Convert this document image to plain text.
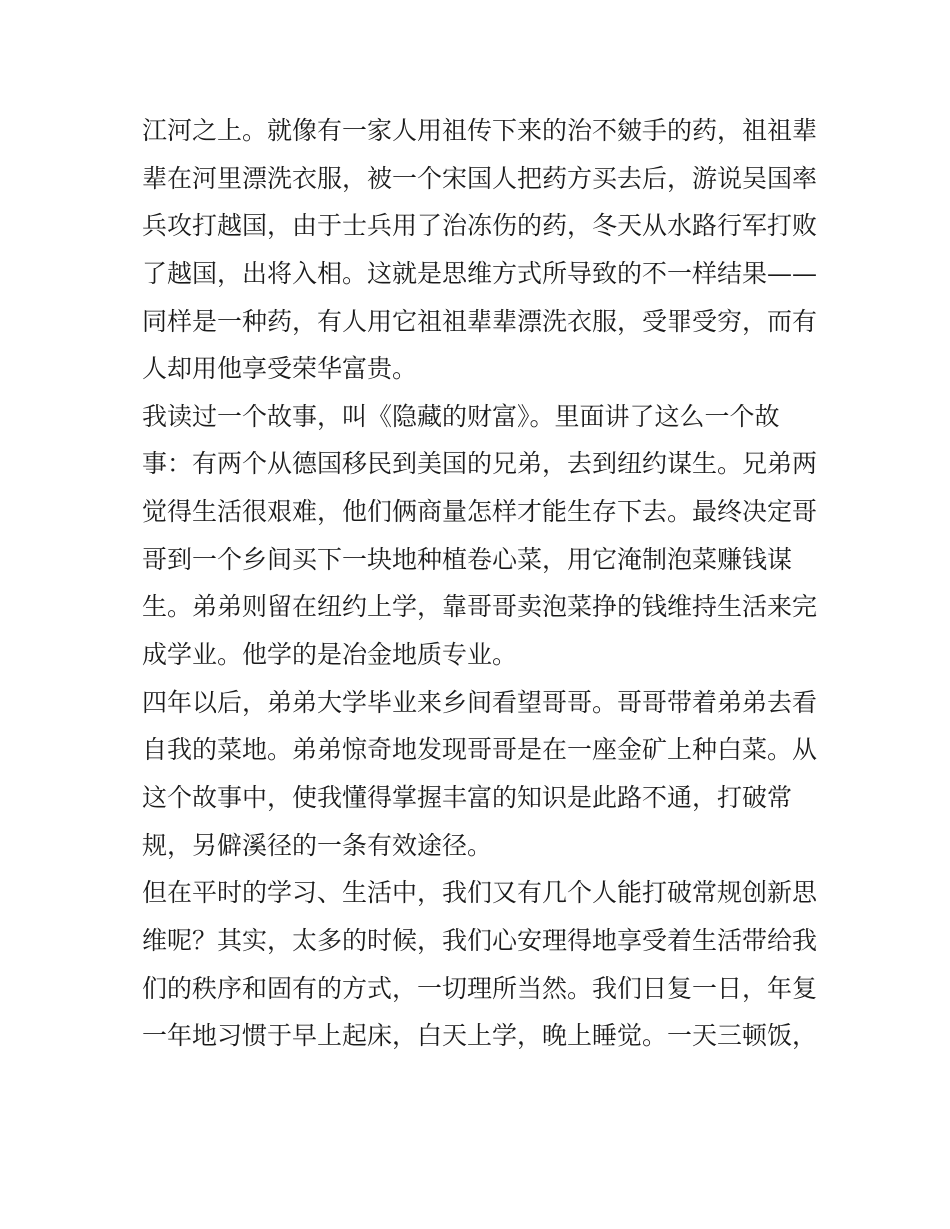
江河之上。就像有一家人用祖传下来的治不皴手的药，祖祖辈
辈在河里漂洗衣服，被一个宋国人把药方买去后，游说吴国率
兵攻打越国，由于士兵用了治冻伤的药，冬天从水路行军打败
了越国，出将入相。这就是思维方式所导致的不一样结果——
同样是一种药，有人用它祖祖辈辈漂洗衣服，受罪受穷，而有
人却用他享受荣华富贵。
我读过一个故事，叫《隐藏的财富》。里面讲了这么一个故
事：有两个从德国移民到美国的兄弟，去到纽约谋生。兄弟两
觉得生活很艰难，他们俩商量怎样才能生存下去。最终决定哥
哥到一个乡间买下一块地种植卷心菜，用它淹制泡菜赚钱谋
生。弟弟则留在纽约上学，靠哥哥卖泡菜挣的钱维持生活来完
成学业。他学的是冶金地质专业。
四年以后，弟弟大学毕业来乡间看望哥哥。哥哥带着弟弟去看
自我的菜地。弟弟惊奇地发现哥哥是在一座金矿上种白菜。从
这个故事中，使我懂得掌握丰富的知识是此路不通，打破常
规，另僻溪径的一条有效途径。
但在平时的学习、生活中，我们又有几个人能打破常规创新思
维呢？其实，太多的时候，我们心安理得地享受着生活带给我
们的秩序和固有的方式，一切理所当然。我们日复一日，年复
一年地习惯于早上起床，白天上学，晚上睡觉。一天三顿饭，
